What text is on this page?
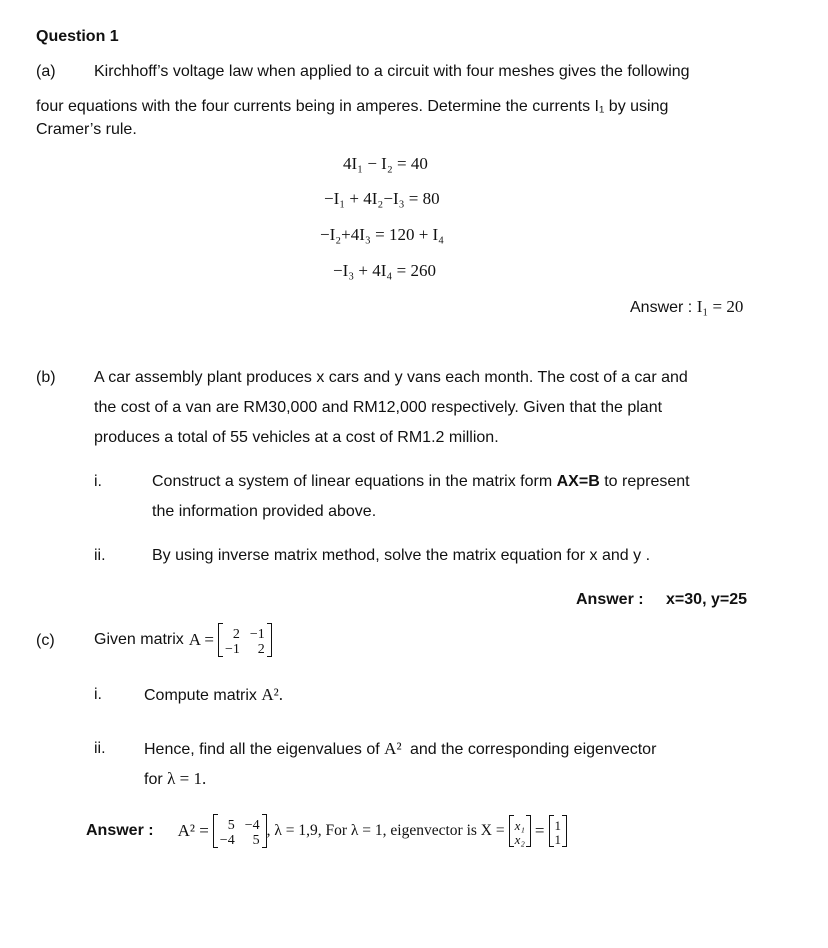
Question 1
(a) Kirchhoff’s voltage law when applied to a circuit with four meshes gives the following
four equations with the four currents being in amperes. Determine the currents I₁ by using
Cramer’s rule.
4I₁ − I₂ = 40
−I₁ + 4I₂−I₃ = 80
−I₂+4I₃ = 120 + I₄
−I₃ + 4I₄ = 260
Answer : I₁ = 20
(b) A car assembly plant produces x cars and y vans each month. The cost of a car and
the cost of a van are RM30,000 and RM12,000 respectively. Given that the plant
produces a total of 55 vehicles at a cost of RM1.2 million.
i.	Construct a system of linear equations in the matrix form AX=B to represent
the information provided above.
ii.	By using inverse matrix method, solve the matrix equation for x and y .
Answer : x=30, y=25
(c) Given matrix A =	2 −1
−1	2
i.	Compute matrix A².
ii. Hence, find all the eigenvalues of A² and the corresponding eigenvector
for λ = 1.
Answer : A² =	5 −4
−4	5
, λ = 1,9, For λ = 1, eigenvector is X = x₁
x₂ = 1
1
